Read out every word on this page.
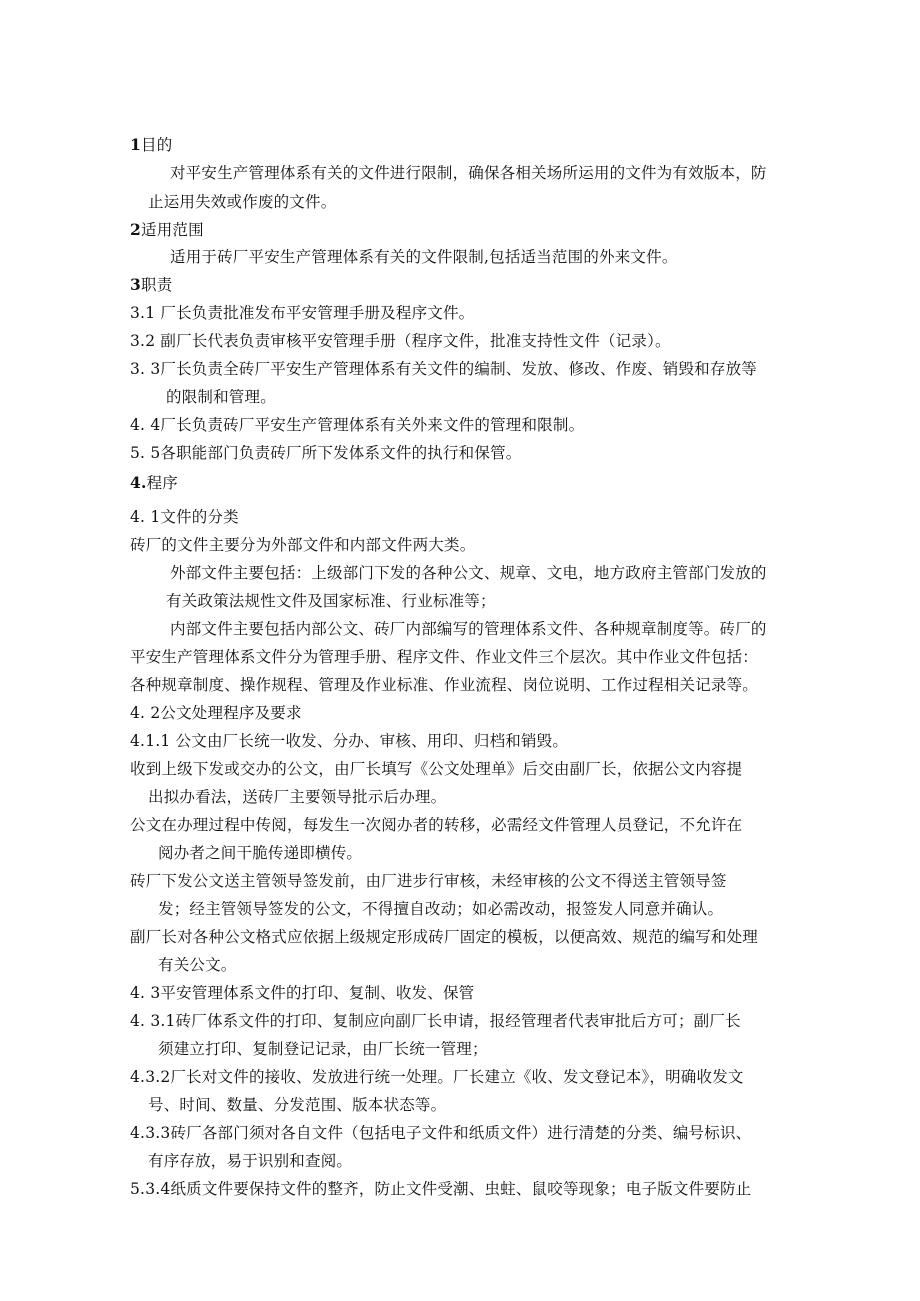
1目的
对平安生产管理体系有关的文件进行限制，确保各相关场所运用的文件为有效版本，防
止运用失效或作废的文件。
2适用范围
适用于砖厂平安生产管理体系有关的文件限制,包括适当范围的外来文件。
3职责
3.1 厂长负责批准发布平安管理手册及程序文件。
3.2 副厂长代表负责审核平安管理手册（程序文件，批准支持性文件（记录）。
3. 3厂长负责全砖厂平安生产管理体系有关文件的编制、发放、修改、作废、销毁和存放等
的限制和管理。
4. 4厂长负责砖厂平安生产管理体系有关外来文件的管理和限制。
5. 5各职能部门负责砖厂所下发体系文件的执行和保管。
4.程序
4. 1文件的分类
砖厂的文件主要分为外部文件和内部文件两大类。
外部文件主要包括：上级部门下发的各种公文、规章、文电，地方政府主管部门发放的
有关政策法规性文件及国家标准、行业标准等；
内部文件主要包括内部公文、砖厂内部编写的管理体系文件、各种规章制度等。砖厂的
平安生产管理体系文件分为管理手册、程序文件、作业文件三个层次。其中作业文件包括：
各种规章制度、操作规程、管理及作业标准、作业流程、岗位说明、工作过程相关记录等。
4. 2公文处理程序及要求
4.1.1 公文由厂长统一收发、分办、审核、用印、归档和销毁。
收到上级下发或交办的公文，由厂长填写《公文处理单》后交由副厂长，依据公文内容提
出拟办看法，送砖厂主要领导批示后办理。
公文在办理过程中传阅，每发生一次阅办者的转移，必需经文件管理人员登记，不允许在
阅办者之间干脆传递即横传。
砖厂下发公文送主管领导签发前，由厂进步行审核，未经审核的公文不得送主管领导签
发；经主管领导签发的公文，不得擅自改动；如必需改动，报签发人同意并确认。
副厂长对各种公文格式应依据上级规定形成砖厂固定的模板，以便高效、规范的编写和处理
有关公文。
4. 3平安管理体系文件的打印、复制、收发、保管
4. 3.1砖厂体系文件的打印、复制应向副厂长申请，报经管理者代表审批后方可；副厂长
须建立打印、复制登记记录，由厂长统一管理；
4.3.2厂长对文件的接收、发放进行统一处理。厂长建立《收、发文登记本》，明确收发文
号、时间、数量、分发范围、版本状态等。
4.3.3砖厂各部门须对各自文件（包括电子文件和纸质文件）进行清楚的分类、编号标识、
有序存放，易于识别和查阅。
5.3.4纸质文件要保持文件的整齐，防止文件受潮、虫蛀、鼠咬等现象；电子版文件要防止
